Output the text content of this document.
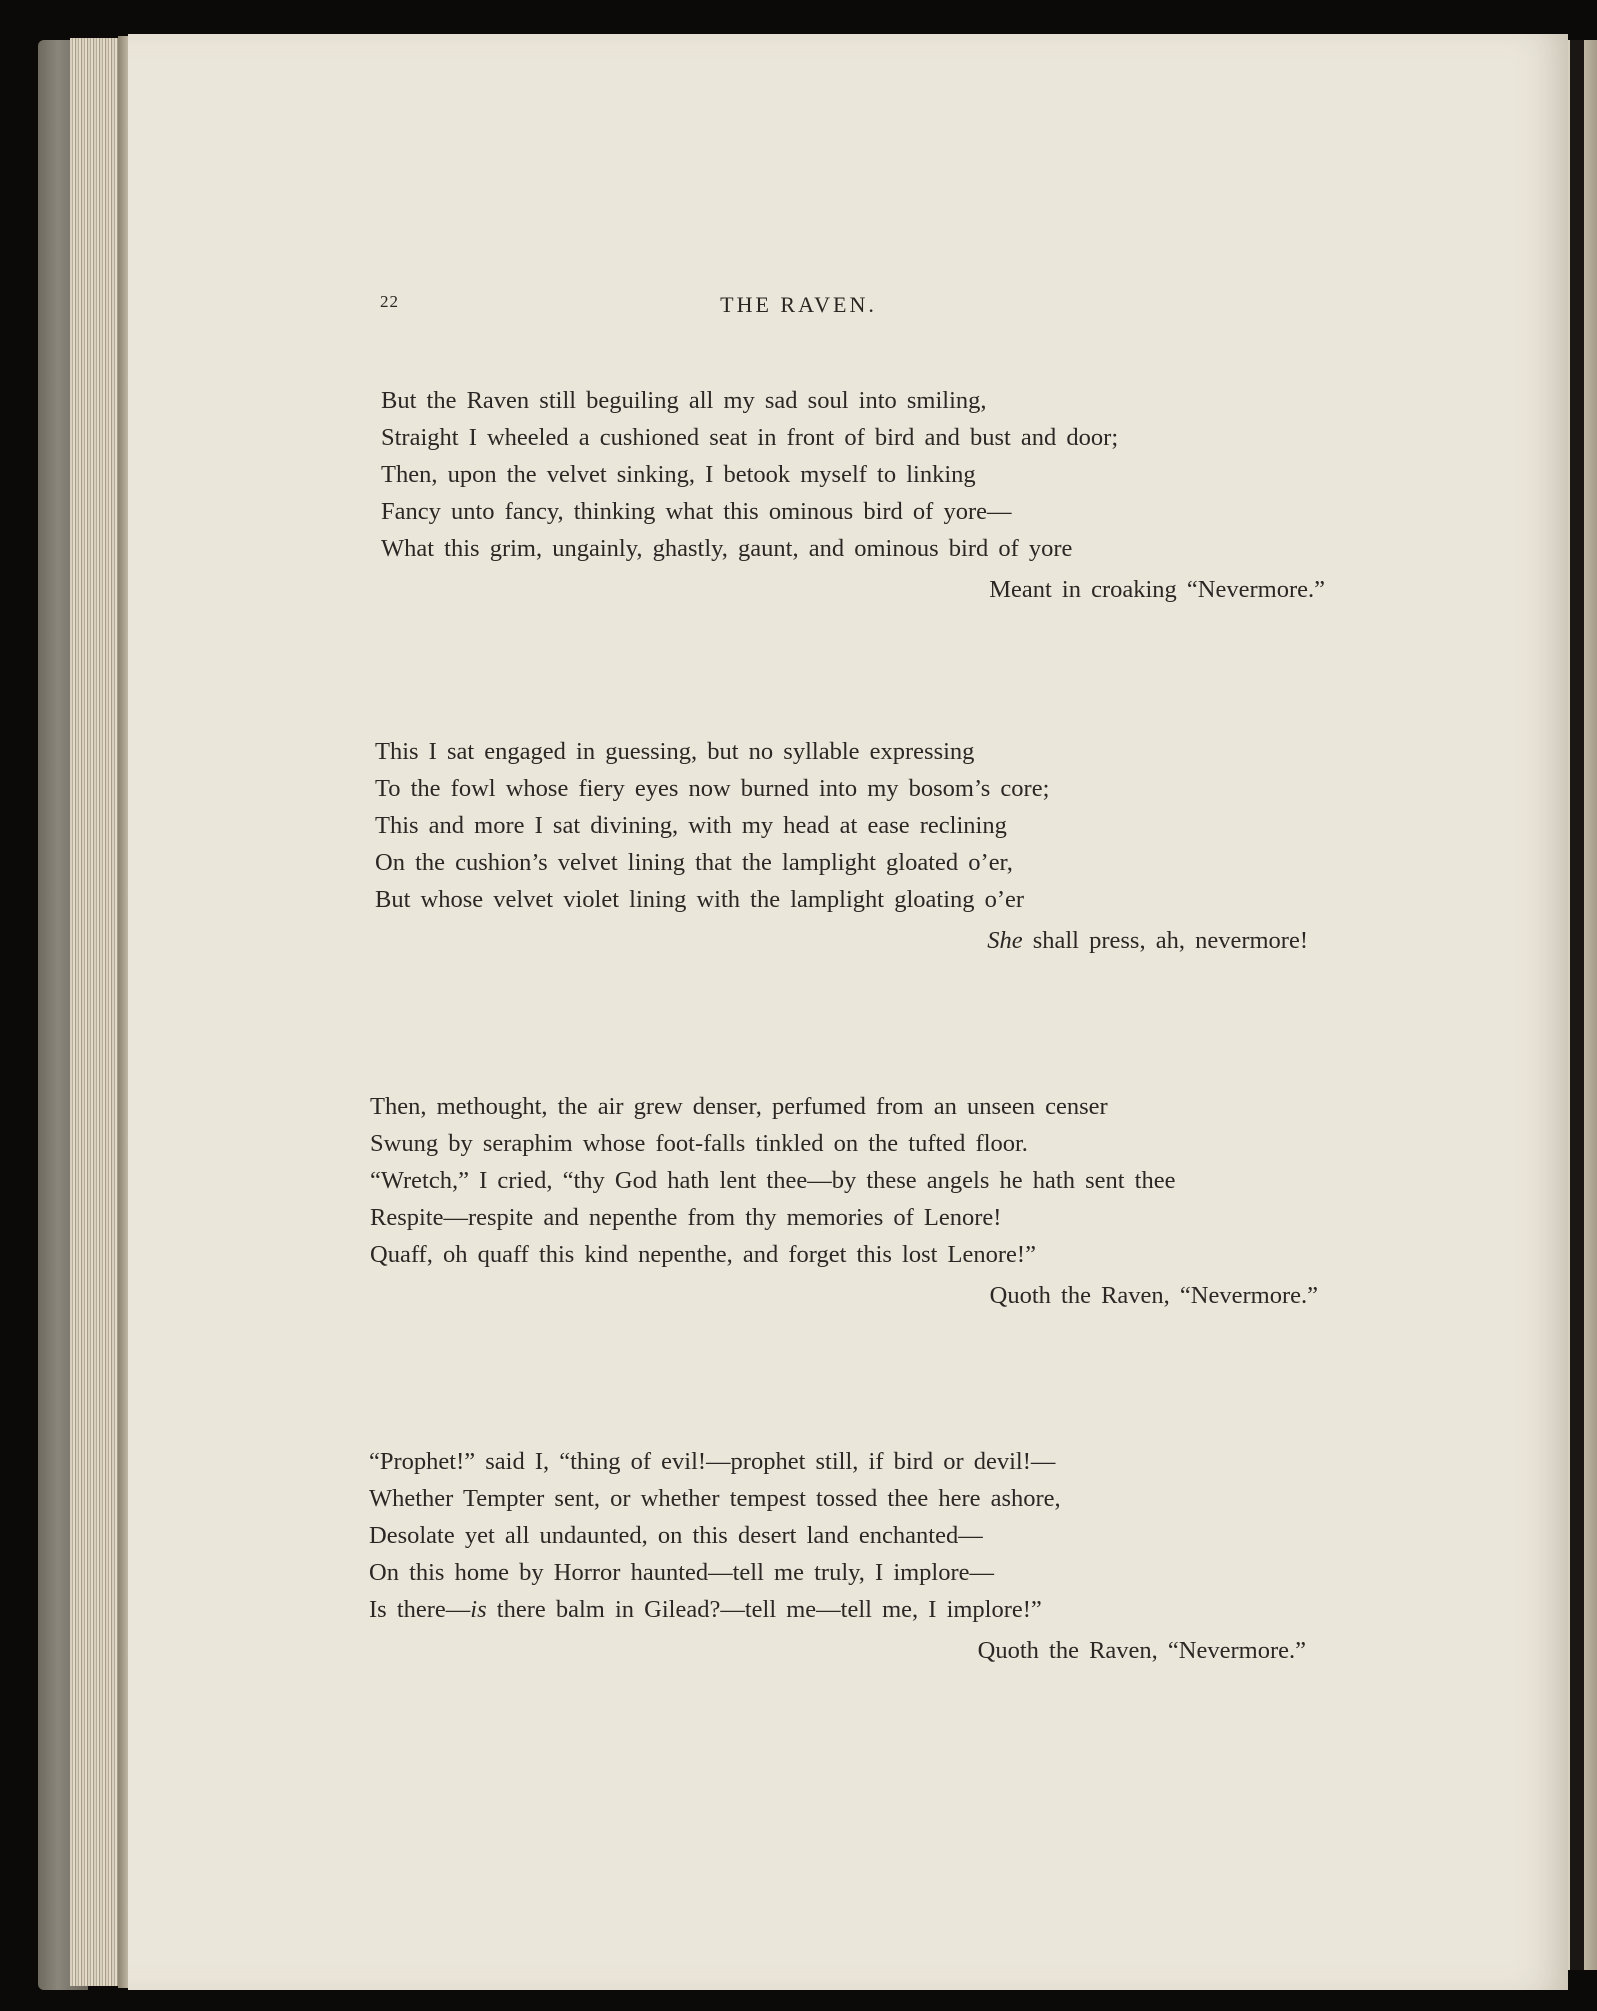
22	THE RAVEN.
But the Raven still beguiling all my sad soul into smiling,
Straight I wheeled a cushioned seat in front of bird and bust and door;
Then, upon the velvet sinking, I betook myself to linking
Fancy unto fancy, thinking what this ominous bird of yore—
What this grim, ungainly, ghastly, gaunt, and ominous bird of yore
Meant in croaking “Nevermore.”
This I sat engaged in guessing, but no syllable expressing
To the fowl whose fiery eyes now burned into my bosom’s core;
This and more I sat divining, with my head at ease reclining
On the cushion’s velvet lining that the lamplight gloated o’er,
But whose velvet violet lining with the lamplight gloating o’er
She shall press, ah, nevermore!
Then, methought, the air grew denser, perfumed from an unseen censer
Swung by seraphim whose foot-falls tinkled on the tufted floor.
“Wretch,” I cried, “thy God hath lent thee—by these angels he hath sent thee
Respite—respite and nepenthe from thy memories of Lenore!
Quaff, oh quaff this kind nepenthe, and forget this lost Lenore!”
Quoth the Raven, “Nevermore.”
“Prophet!” said I, “thing of evil!—prophet still, if bird or devil!—
Whether Tempter sent, or whether tempest tossed thee here ashore,
Desolate yet all undaunted, on this desert land enchanted—
On this home by Horror haunted—tell me truly, I implore—
Is there—is there balm in Gilead?—tell me—tell me, I implore!”
Quoth the Raven, “Nevermore.”
